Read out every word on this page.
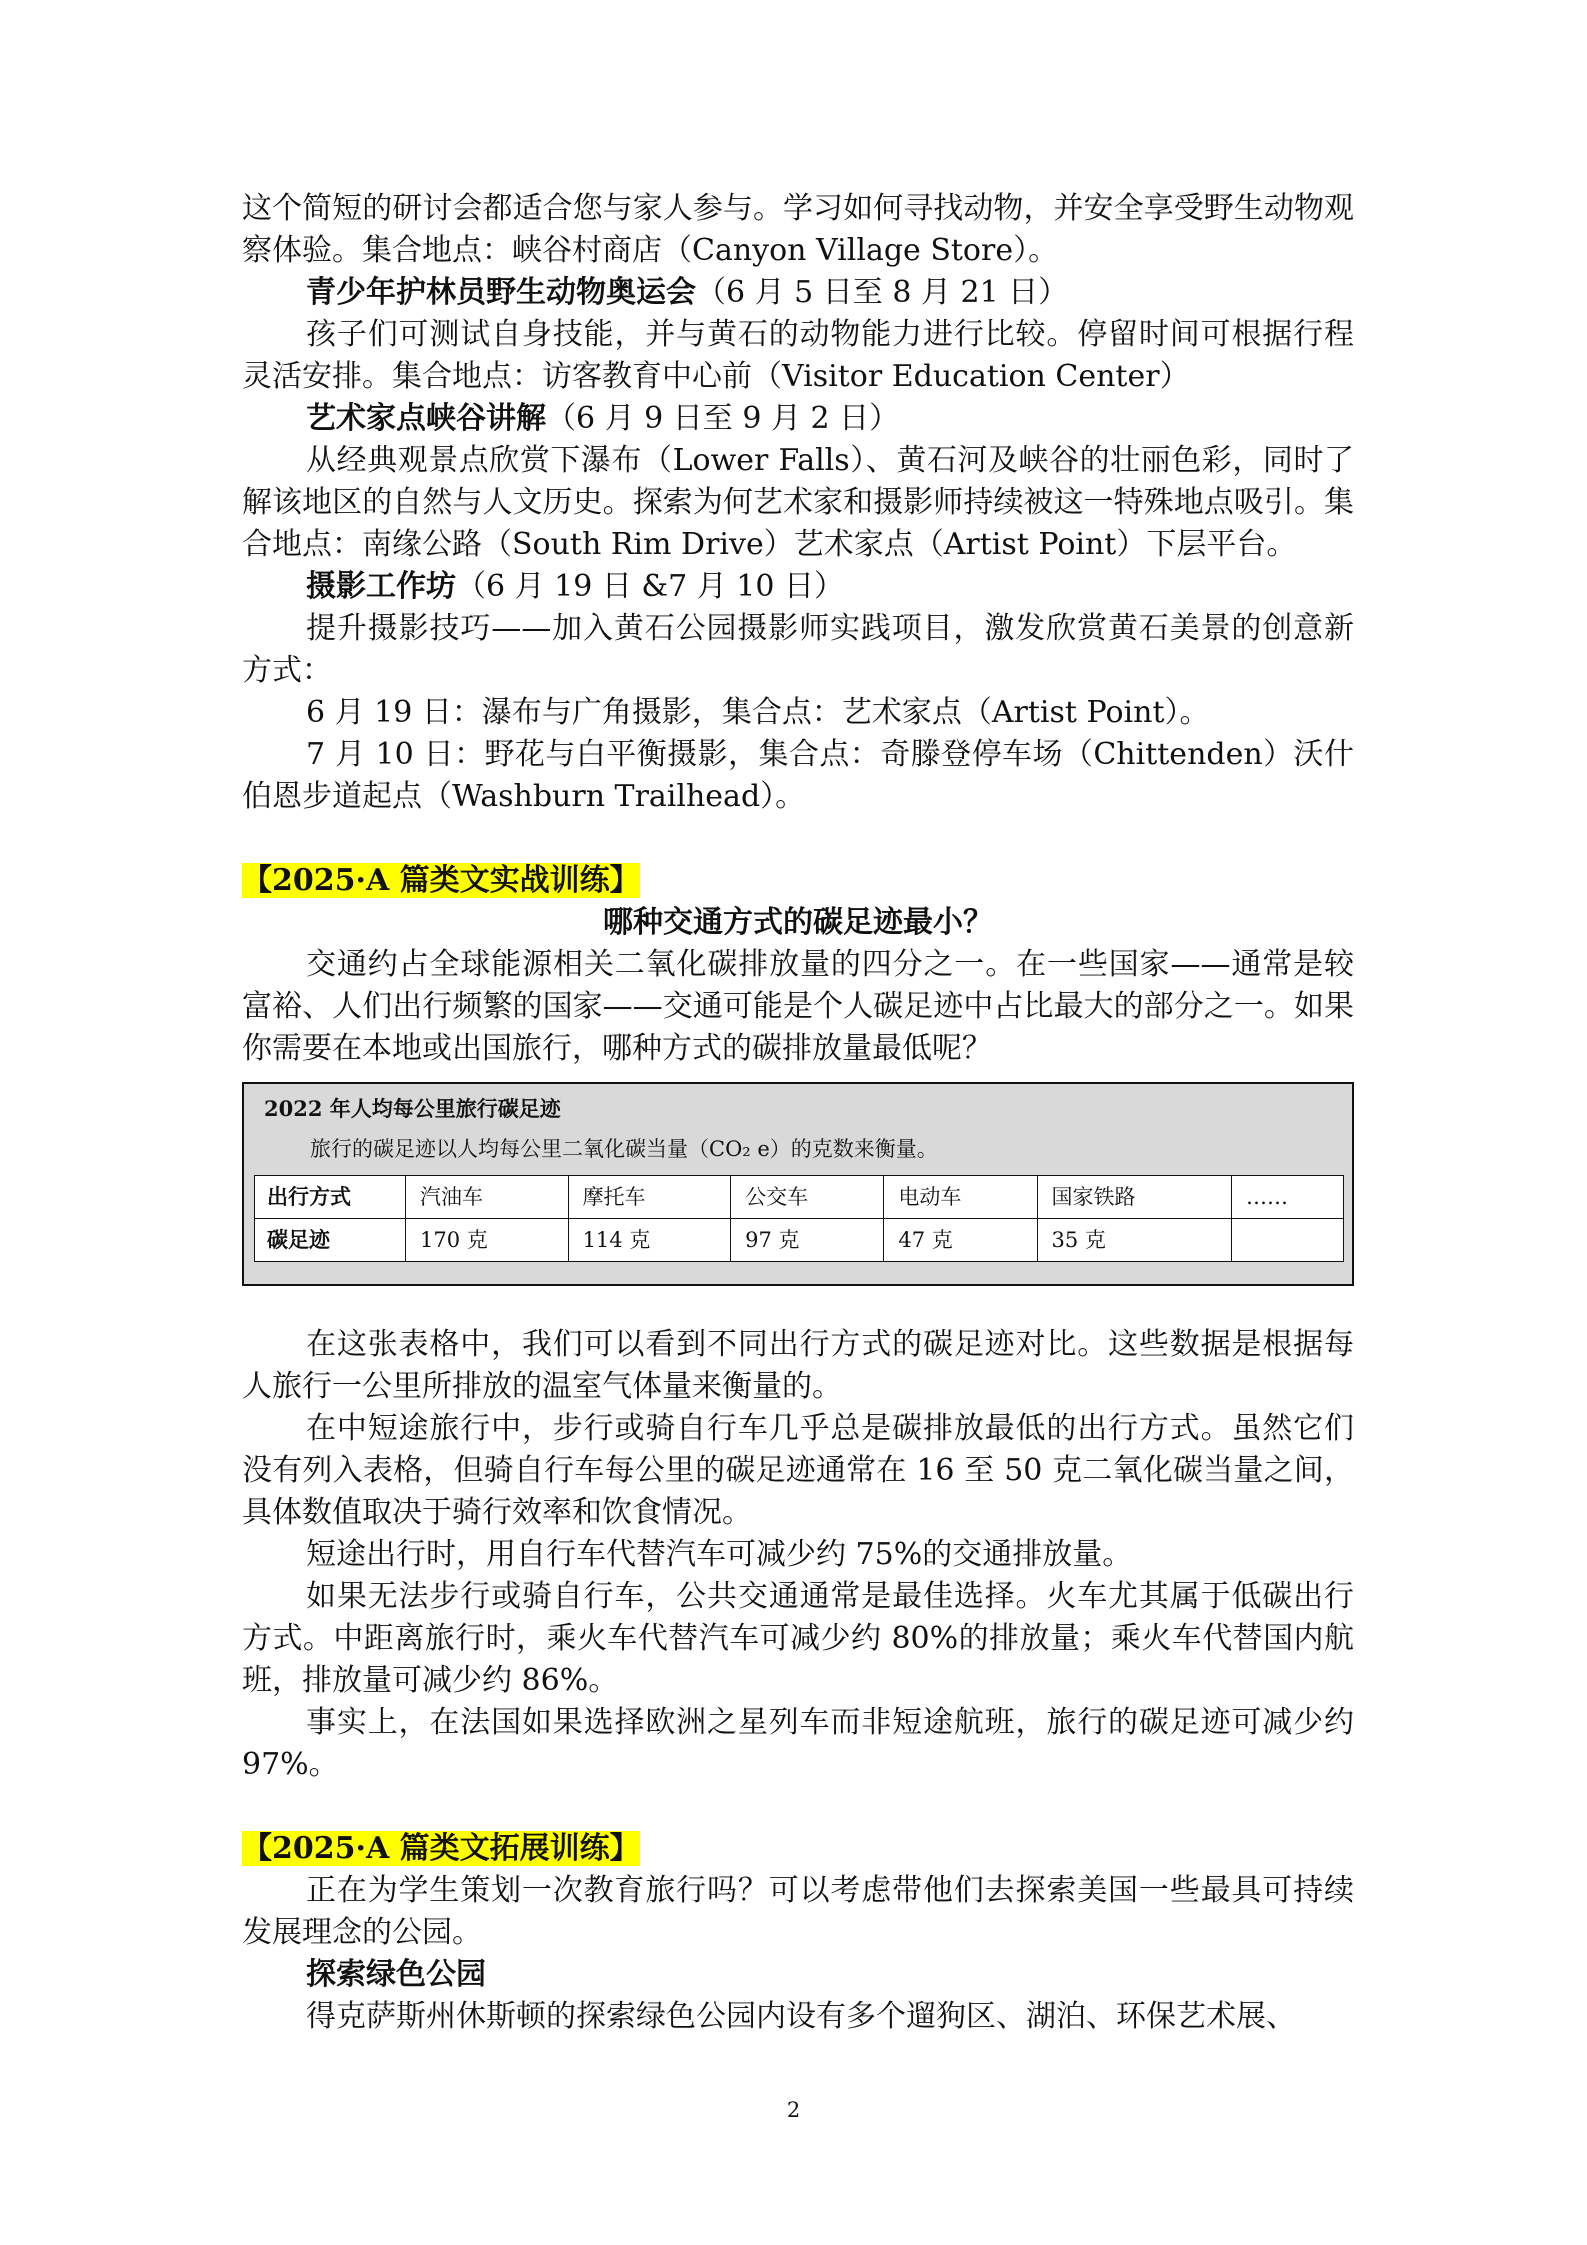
这个简短的研讨会都适合您与家人参与。学习如何寻找动物，并安全享受野生动物观察体验。集合地点：峡谷村商店（Canyon Village Store）。

青少年护林员野生动物奥运会（6 月 5 日至 8 月 21 日）

孩子们可测试自身技能，并与黄石的动物能力进行比较。停留时间可根据行程灵活安排。集合地点：访客教育中心前（Visitor Education Center）

艺术家点峡谷讲解（6 月 9 日至 9 月 2 日）

从经典观景点欣赏下瀑布（Lower Falls）、黄石河及峡谷的壮丽色彩，同时了解该地区的自然与人文历史。探索为何艺术家和摄影师持续被这一特殊地点吸引。集合地点：南缘公路（South Rim Drive）艺术家点（Artist Point）下层平台。

摄影工作坊（6 月 19 日 &7 月 10 日）

提升摄影技巧——加入黄石公园摄影师实践项目，激发欣赏黄石美景的创意新方式：

6 月 19 日：瀑布与广角摄影，集合点：艺术家点（Artist Point）。

7 月 10 日：野花与白平衡摄影，集合点：奇滕登停车场（Chittenden）沃什伯恩步道起点（Washburn Trailhead）。

【2025·A 篇类文实战训练】

哪种交通方式的碳足迹最小？

交通约占全球能源相关二氧化碳排放量的四分之一。在一些国家——通常是较富裕、人们出行频繁的国家——交通可能是个人碳足迹中占比最大的部分之一。如果你需要在本地或出国旅行，哪种方式的碳排放量最低呢？

2022 年人均每公里旅行碳足迹
旅行的碳足迹以人均每公里二氧化碳当量（CO₂ e）的克数来衡量。
出行方式	汽油车	摩托车	公交车	电动车	国家铁路	……
碳足迹	170 克	114 克	97 克	47 克	35 克	

在这张表格中，我们可以看到不同出行方式的碳足迹对比。这些数据是根据每人旅行一公里所排放的温室气体量来衡量的。

在中短途旅行中，步行或骑自行车几乎总是碳排放最低的出行方式。虽然它们没有列入表格，但骑自行车每公里的碳足迹通常在 16 至 50 克二氧化碳当量之间，具体数值取决于骑行效率和饮食情况。

短途出行时，用自行车代替汽车可减少约 75%的交通排放量。

如果无法步行或骑自行车，公共交通通常是最佳选择。火车尤其属于低碳出行方式。中距离旅行时，乘火车代替汽车可减少约 80%的排放量；乘火车代替国内航班，排放量可减少约 86%。

事实上，在法国如果选择欧洲之星列车而非短途航班，旅行的碳足迹可减少约 97%。

【2025·A 篇类文拓展训练】

正在为学生策划一次教育旅行吗？可以考虑带他们去探索美国一些最具可持续发展理念的公园。

探索绿色公园

得克萨斯州休斯顿的探索绿色公园内设有多个遛狗区、湖泊、环保艺术展、

2
